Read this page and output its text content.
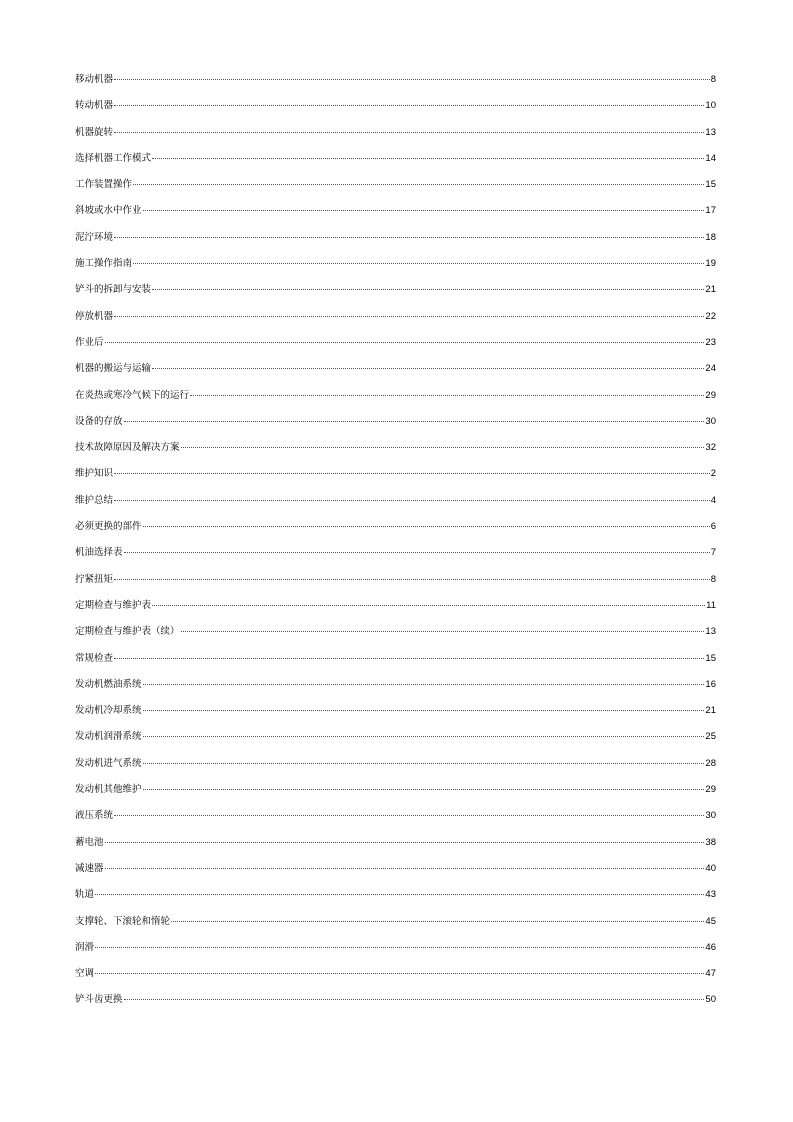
移动机器	8
转动机器	10
机器旋转	13
选择机器工作模式	14
工作装置操作	15
斜坡或水中作业	17
泥泞环境	18
施工操作指南	19
铲斗的拆卸与安装	21
停放机器	22
作业后	23
机器的搬运与运输	24
在炎热或寒冷气候下的运行	29
设备的存放	30
技术故障原因及解决方案	32
维护知识	2
维护总结	4
必须更换的部件	6
机油选择表	7
拧紧扭矩	8
定期检查与维护表	11
定期检查与维护表（续）	13
常规检查	15
发动机燃油系统	16
发动机冷却系统	21
发动机润滑系统	25
发动机进气系统	28
发动机其他维护	29
液压系统	30
蓄电池	38
减速器	40
轨道	43
支撑轮、下滚轮和惰轮	45
润滑	46
空调	47
铲斗齿更换	50
